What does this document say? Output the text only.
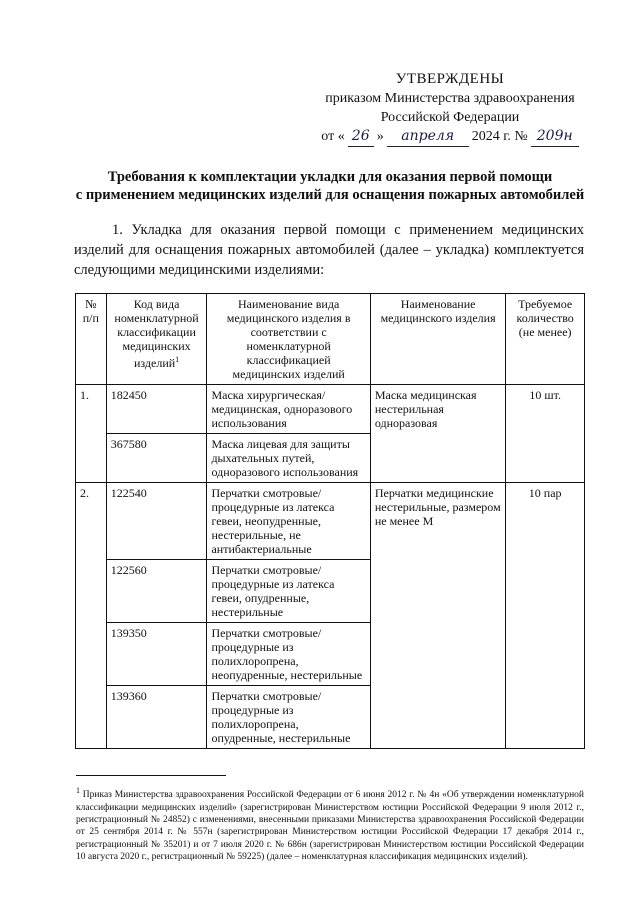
УТВЕРЖДЕНЫ
приказом Министерства здравоохранения
Российской Федерации
от « 26 »	апреля	2024 г. № 209н
Требования к комплектации укладки для оказания первой помощи
с применением медицинских изделий для оснащения пожарных автомобилей
1. Укладка для оказания первой помощи с применением медицинских изделий для оснащения пожарных автомобилей (далее – укладка) комплектуется следующими медицинскими изделиями:
№ п/п	Код вида номенклатурной классификации медицинских изделий$^1$	Наименование вида медицинского изделия в соответствии с номенклатурной классификацией медицинских изделий	Наименование медицинского изделия	Требуемое количество (не менее)
1.	182450	Маска хирургическая/ медицинская, одноразового использования	Маска медицинская нестерильная одноразовая	10 шт.
	367580	Маска лицевая для защиты дыхательных путей, одноразового использования		
2.	122540	Перчатки смотровые/ процедурные из латекса гевеи, неопудренные, нестерильные, не антибактериальные	Перчатки медицинские нестерильные, размером не менее M	10 пар
	122560	Перчатки смотровые/ процедурные из латекса гевеи, опудренные, нестерильные		
	139350	Перчатки смотровые/ процедурные из полихлоропрена, неопудренные, нестерильные		
	139360	Перчатки смотровые/ процедурные из полихлоропрена, опудренные, нестерильные		
$^1$ Приказ Министерства здравоохранения Российской Федерации от 6 июня 2012 г. № 4н «Об утверждении номенклатурной классификации медицинских изделий» (зарегистрирован Министерством юстиции Российской Федерации 9 июля 2012 г., регистрационный № 24852) с изменениями, внесенными приказами Министерства здравоохранения Российской Федерации от 25 сентября 2014 г. № 557н (зарегистрирован Министерством юстиции Российской Федерации 17 декабря 2014 г., регистрационный № 35201) и от 7 июля 2020 г. № 686н (зарегистрирован Министерством юстиции Российской Федерации 10 августа 2020 г., регистрационный № 59225) (далее – номенклатурная классификация медицинских изделий).
